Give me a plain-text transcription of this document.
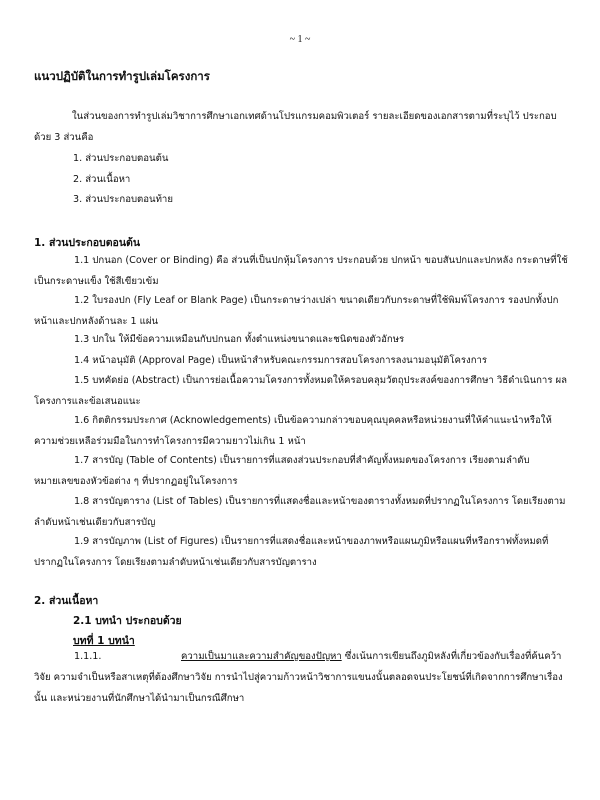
~ 1 ~
แนวปฏิบัติในการทำรูปเล่มโครงการ

ในส่วนของการทำรูปเล่มวิชาการศึกษาเอกเทศด้านโปรแกรมคอมพิวเตอร์ รายละเอียดของเอกสารตามที่ระบุไว้ ประกอบด้วย 3 ส่วนคือ

1. ส่วนประกอบตอนต้น
2. ส่วนเนื้อหา
3. ส่วนประกอบตอนท้าย
1. ส่วนประกอบตอนต้น

1.1 ปกนอก (Cover or Binding) คือ ส่วนที่เป็นปกหุ้มโครงการ ประกอบด้วย ปกหน้า ขอบสันปกและปกหลัง กระดาษที่ใช้เป็นกระดาษแข็ง ใช้สีเขียวเข้ม

1.2 ใบรองปก (Fly Leaf or Blank Page) เป็นกระดาษว่างเปล่า ขนาดเดียวกับกระดาษที่ใช้พิมพ์โครงการ รองปกทั้งปกหน้าและปกหลังด้านละ 1 แผ่น

1.3 ปกใน ให้มีข้อความเหมือนกับปกนอก ทั้งตำแหน่งขนาดและชนิดของตัวอักษร

1.4 หน้าอนุมัติ (Approval Page) เป็นหน้าสำหรับคณะกรรมการสอบโครงการลงนามอนุมัติโครงการ

1.5 บทคัดย่อ (Abstract) เป็นการย่อเนื้อความโครงการทั้งหมดให้ครอบคลุมวัตถุประสงค์ของการศึกษา วิธีดำเนินการ ผลโครงการและข้อเสนอแนะ

1.6 กิตติกรรมประกาศ (Acknowledgements) เป็นข้อความกล่าวขอบคุณบุคคลหรือหน่วยงานที่ให้คำแนะนำหรือให้ความช่วยเหลือร่วมมือในการทำโครงการมีความยาวไม่เกิน 1 หน้า

1.7 สารบัญ (Table of Contents) เป็นรายการที่แสดงส่วนประกอบที่สำคัญทั้งหมดของโครงการ เรียงตามลำดับหมายเลขของหัวข้อต่าง ๆ ที่ปรากฏอยู่ในโครงการ

1.8 สารบัญตาราง (List of Tables) เป็นรายการที่แสดงชื่อและหน้าของตารางทั้งหมดที่ปรากฏในโครงการ โดยเรียงตามลำดับหน้าเช่นเดียวกับสารบัญ

1.9 สารบัญภาพ (List of Figures) เป็นรายการที่แสดงชื่อและหน้าของภาพหรือแผนภูมิหรือแผนที่หรือกราฟทั้งหมดที่ปรากฏในโครงการ โดยเรียงตามลำดับหน้าเช่นเดียวกับสารบัญตาราง

2. ส่วนเนื้อหา
2.1 บทนำ ประกอบด้วย
บทที่ 1 บทนำ

1.1.1.	ความเป็นมาและความสำคัญของปัญหา ซึ่งเน้นการเขียนถึงภูมิหลังที่เกี่ยวข้องกับเรื่องที่ค้นคว้าวิจัย ความจำเป็นหรือสาเหตุที่ต้องศึกษาวิจัย การนำไปสู่ความก้าวหน้าวิชาการแขนงนั้นตลอดจนประโยชน์ที่เกิดจากการศึกษาเรื่องนั้น และหน่วยงานที่นักศึกษาได้นำมาเป็นกรณีศึกษา
